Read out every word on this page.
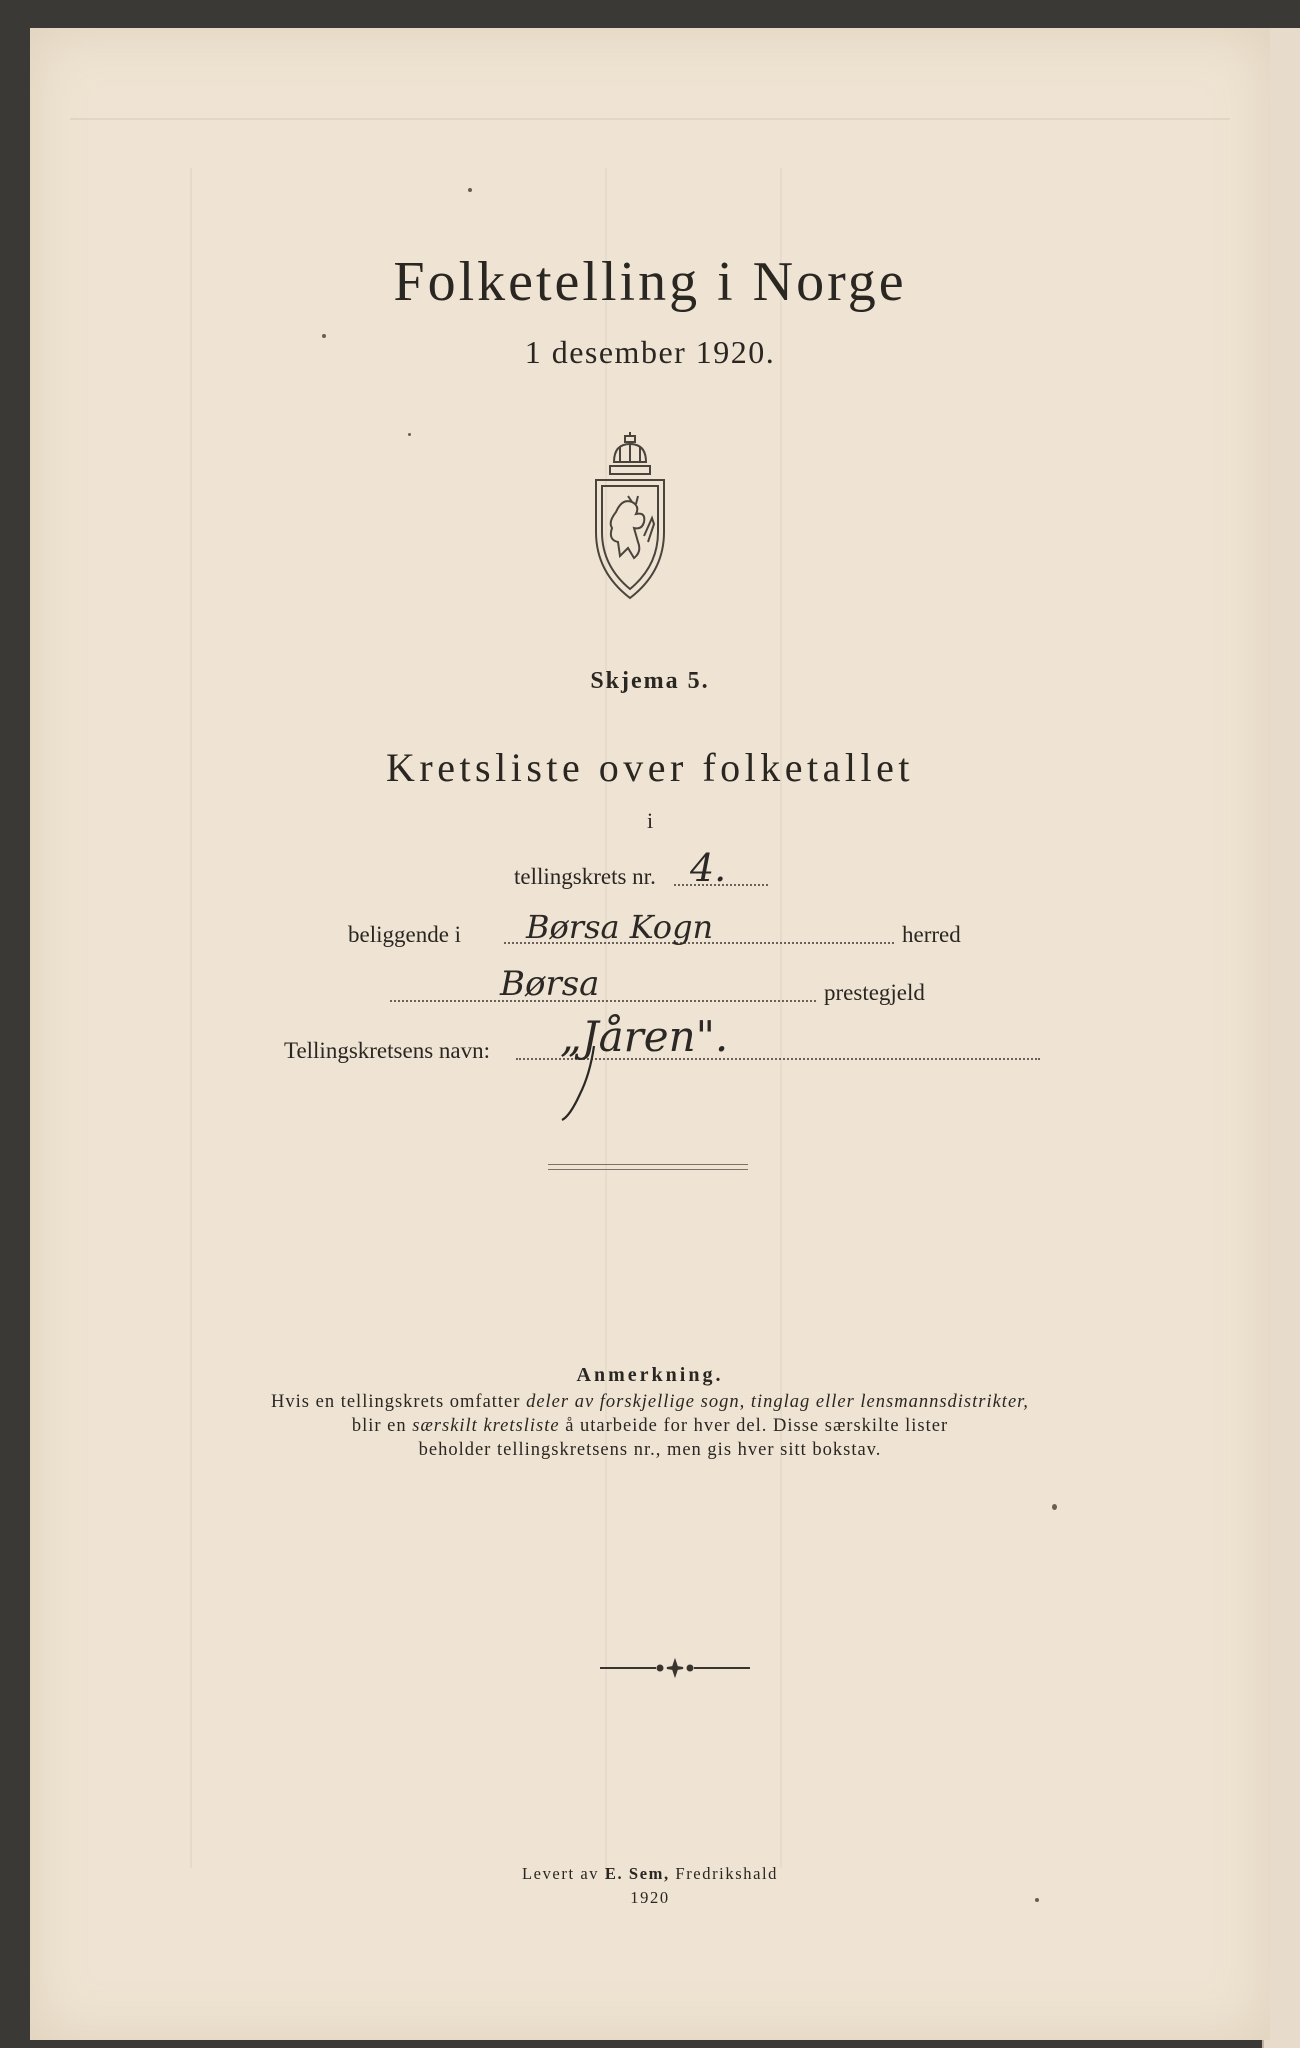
Folketelling i Norge
1 desember 1920.
Skjema 5.
Kretsliste over folketallet
i
tellingskrets nr. 4.
beliggende i Børsa Kogn	herred
Børsa	prestegjeld
Tellingskretsens navn: „Jåren".
Anmerkning.
Hvis en tellingskrets omfatter deler av forskjellige sogn, tinglag eller lensmannsdistrikter,
blir en særskilt kretsliste å utarbeide for hver del. Disse særskilte lister
beholder tellingskretsens nr., men gis hver sitt bokstav.
Levert av E. Sem, Fredrikshald
1920
